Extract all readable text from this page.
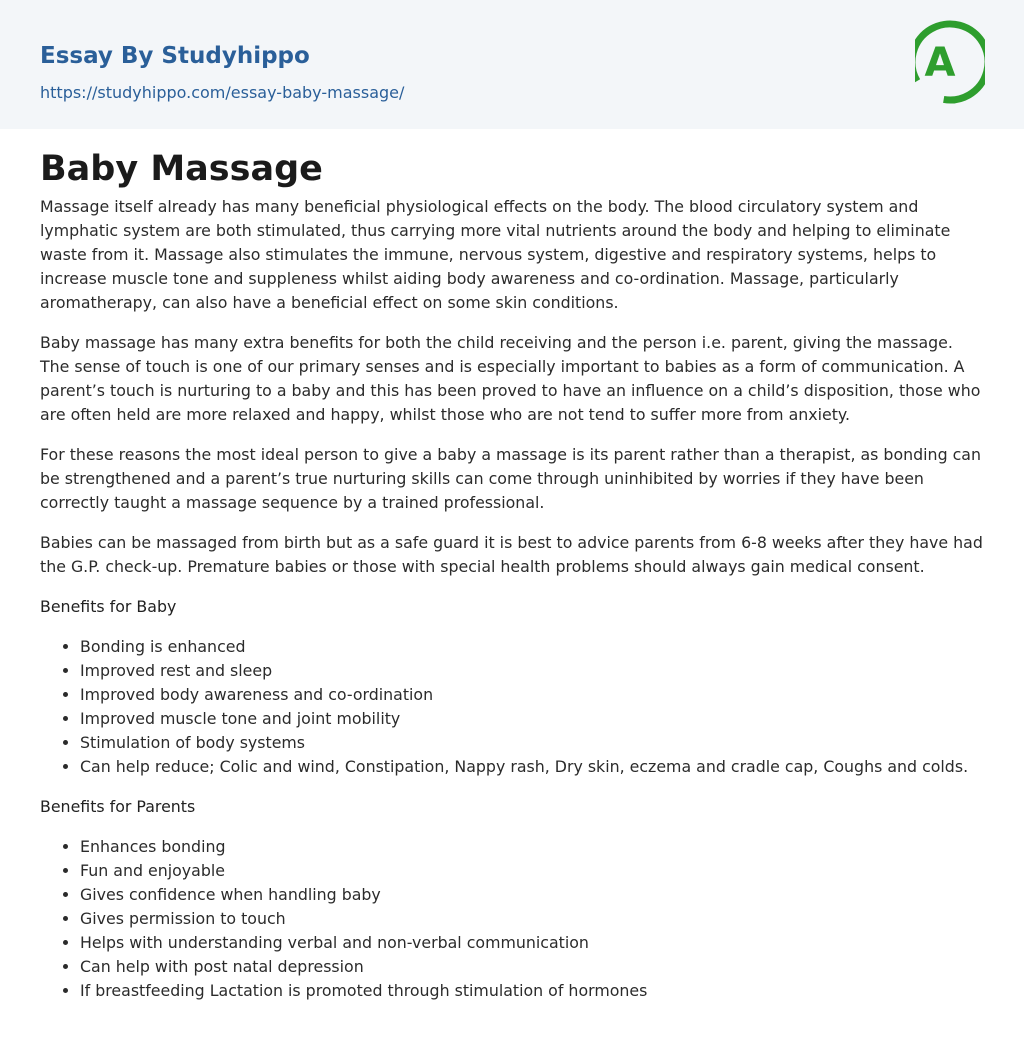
Essay By Studyhippo
https://studyhippo.com/essay-baby-massage/
A
Baby Massage

Massage itself already has many beneficial physiological effects on the body. The blood circulatory system and lymphatic system are both stimulated, thus carrying more vital nutrients around the body and helping to eliminate waste from it. Massage also stimulates the immune, nervous system, digestive and respiratory systems, helps to increase muscle tone and suppleness whilst aiding body awareness and co-ordination. Massage, particularly aromatherapy, can also have a beneficial effect on some skin conditions.

Baby massage has many extra benefits for both the child receiving and the person i.e. parent, giving the massage. The sense of touch is one of our primary senses and is especially important to babies as a form of communication. A parent’s touch is nurturing to a baby and this has been proved to have an influence on a child’s disposition, those who are often held are more relaxed and happy, whilst those who are not tend to suffer more from anxiety.

For these reasons the most ideal person to give a baby a massage is its parent rather than a therapist, as bonding can be strengthened and a parent’s true nurturing skills can come through uninhibited by worries if they have been correctly taught a massage sequence by a trained professional.

Babies can be massaged from birth but as a safe guard it is best to advice parents from 6-8 weeks after they have had the G.P. check-up. Premature babies or those with special health problems should always gain medical consent.

Benefits for Baby
• Bonding is enhanced
• Improved rest and sleep
• Improved body awareness and co-ordination
• Improved muscle tone and joint mobility
• Stimulation of body systems
• Can help reduce; Colic and wind, Constipation, Nappy rash, Dry skin, eczema and cradle cap, Coughs and colds.
Benefits for Parents
• Enhances bonding
• Fun and enjoyable
• Gives confidence when handling baby
• Gives permission to touch
• Helps with understanding verbal and non-verbal communication
• Can help with post natal depression
• If breastfeeding Lactation is promoted through stimulation of hormones
